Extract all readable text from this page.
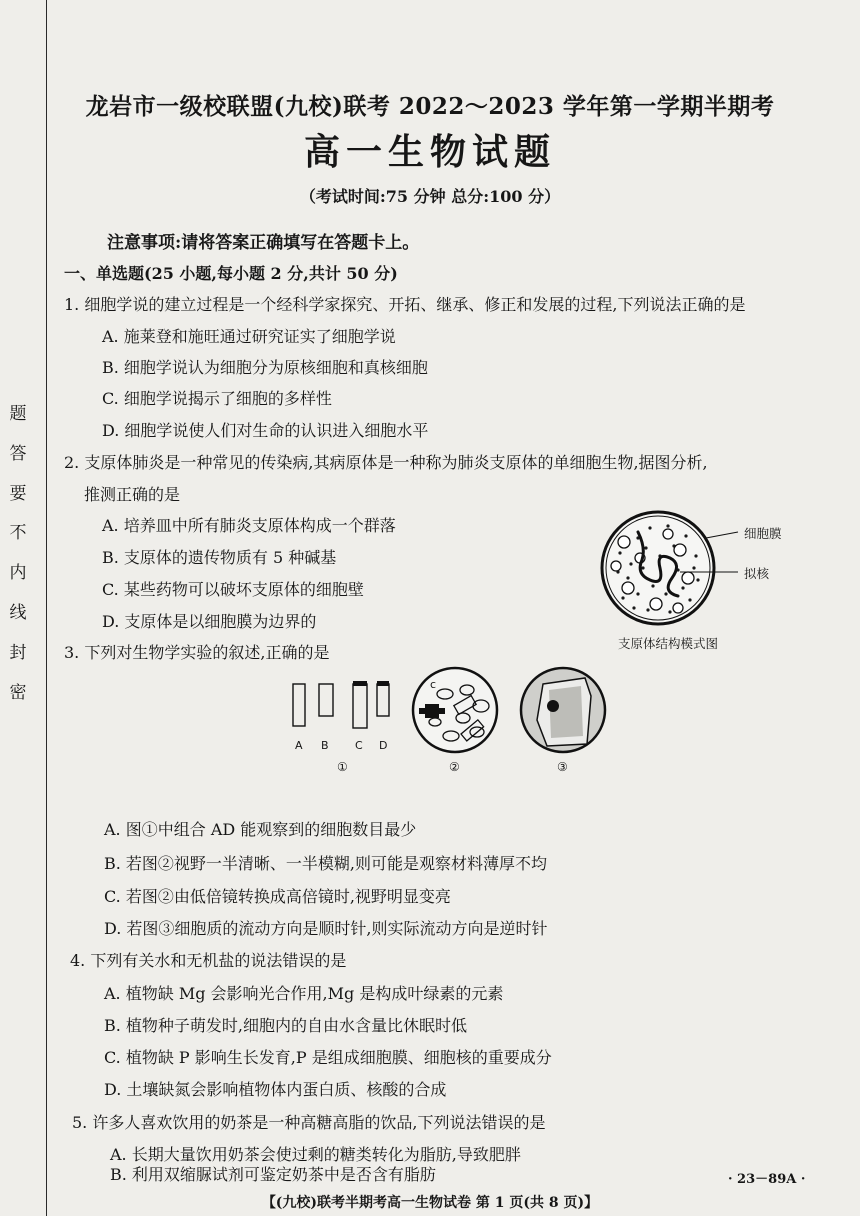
题
答
要
不
内
线
封
密
龙岩市一级校联盟(九校)联考 2022～2023 学年第一学期半期考
高一生物试题
（考试时间:75 分钟 总分:100 分）
注意事项:请将答案正确填写在答题卡上。
一、单选题(25 小题,每小题 2 分,共计 50 分)
1. 细胞学说的建立过程是一个经科学家探究、开拓、继承、修正和发展的过程,下列说法正确的是
A. 施莱登和施旺通过研究证实了细胞学说
B. 细胞学说认为细胞分为原核细胞和真核细胞
C. 细胞学说揭示了细胞的多样性
D. 细胞学说使人们对生命的认识进入细胞水平
2. 支原体肺炎是一种常见的传染病,其病原体是一种称为肺炎支原体的单细胞生物,据图分析,
推测正确的是
A. 培养皿中所有肺炎支原体构成一个群落
B. 支原体的遗传物质有 5 种碱基
C. 某些药物可以破坏支原体的细胞壁
D. 支原体是以细胞膜为边界的
细胞膜
拟核
支原体结构模式图
3. 下列对生物学实验的叙述,正确的是
A B C D
c
①	②	③
A. 图①中组合 AD 能观察到的细胞数目最少
B. 若图②视野一半清晰、一半模糊,则可能是观察材料薄厚不均
C. 若图②由低倍镜转换成高倍镜时,视野明显变亮
D. 若图③细胞质的流动方向是顺时针,则实际流动方向是逆时针
4. 下列有关水和无机盐的说法错误的是
A. 植物缺 Mg 会影响光合作用,Mg 是构成叶绿素的元素
B. 植物种子萌发时,细胞内的自由水含量比休眠时低
C. 植物缺 P 影响生长发育,P 是组成细胞膜、细胞核的重要成分
D. 土壤缺氮会影响植物体内蛋白质、核酸的合成
5. 许多人喜欢饮用的奶茶是一种高糖高脂的饮品,下列说法错误的是
A. 长期大量饮用奶茶会使过剩的糖类转化为脂肪,导致肥胖
【(九校)联考半期考高一生物试卷 第 1 页(共 8 页)】
· 23－89A ·
B. 利用双缩脲试剂可鉴定奶茶中是否含有脂肪
